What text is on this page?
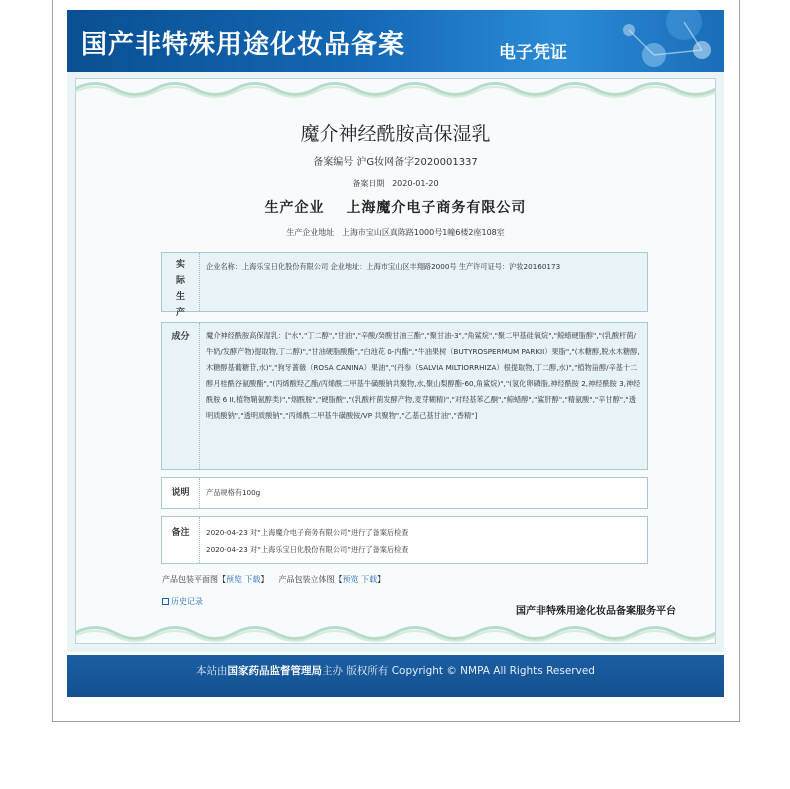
国产非特殊用途化妆品备案	电子凭证
魔介神经酰胺高保湿乳
备案编号 沪G妆网备字2020001337
备案日期 2020-01-20
生产企业 上海魔介电子商务有限公司
生产企业地址 上海市宝山区真陈路1000号1幢6楼2座108室
实际生产
企业名称：上海乐宝日化股份有限公司 企业地址：上海市宝山区丰翔路2000号 生产许可证号：沪妆20160173
成分	魔介神经酰胺高保湿乳：["水","丁二醇","甘油","辛酸/癸酸甘油三酯","聚甘油-3","角鲨烷","聚二甲基硅氧烷","鲸蜡硬脂醇","(乳酸杆菌/牛奶/发酵产物)提取物,丁二醇)","甘油硬脂酸酯","白池花 δ-内酯","牛油果树（BUTYROSPERMUM PARKII）果脂","(木糖醇,脱水木糖醇,木糖醇基葡糖苷,水)","狗牙蔷薇（ROSA CANINA）果油","(丹参（SALVIA MILTIORRHIZA）根提取物,丁二醇,水)","植物甾醇/辛基十二醇月桂酰谷氨酸酯","(丙烯酸羟乙酯/丙烯酰二甲基牛磺酸钠共聚物,水,聚山梨醇酯-60,角鲨烷)","(氢化卵磷脂,神经酰胺 2,神经酰胺 3,神经酰胺 6 II,植物鞘氨醇类)","烟酰胺","硬脂酸","(乳酸杆菌发酵产物,麦芽糊精)","对羟基苯乙酮","鲸蜡醇","鲨肝醇","精氨酸","辛甘醇","透明质酸钠","透明质酸钠","丙烯酰二甲基牛磺酸铵/VP 共聚物","乙基己基甘油","香精"]
说明	产品规格有100g
备注	2020-04-23 对“上海魔介电子商务有限公司”进行了备案后检查
2020-04-23 对“上海乐宝日化股份有限公司”进行了备案后检查
产品包装平面图【预览 下载】 产品包装立体图【预览 下载】
历史记录
国产非特殊用途化妆品备案服务平台
本站由国家药品监督管理局主办 版权所有 Copyright © NMPA All Rights Reserved
